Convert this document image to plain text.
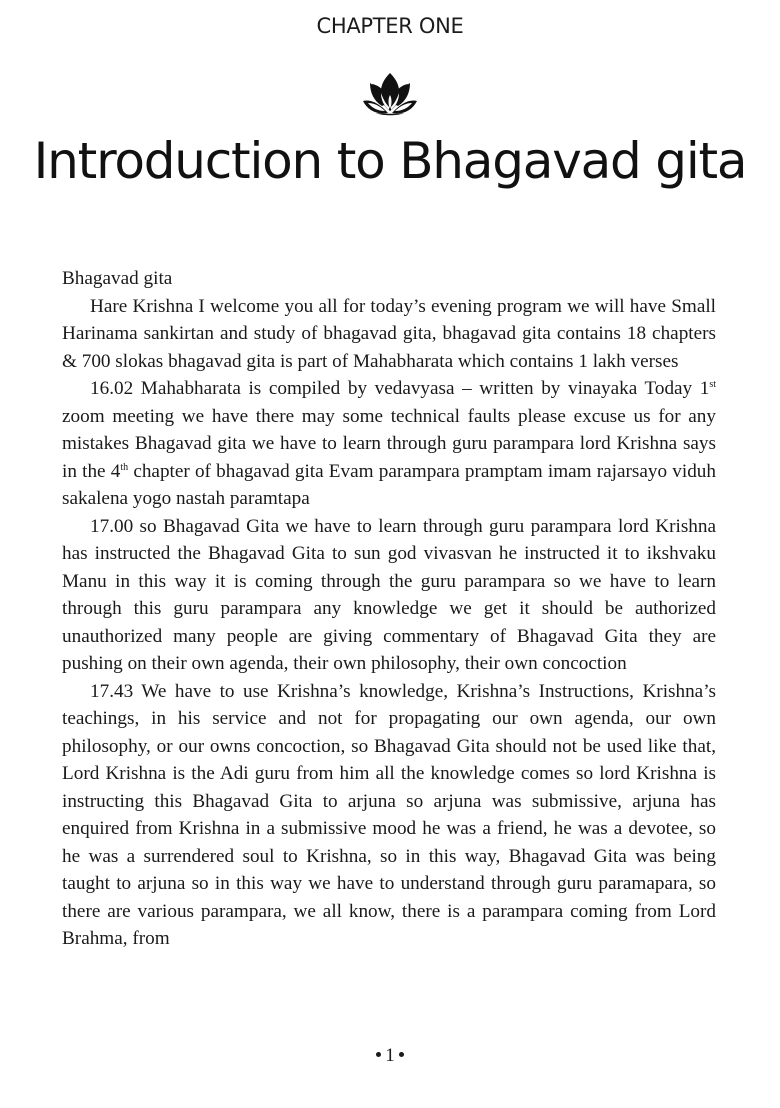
CHAPTER ONE
Introduction to Bhagavad gita

Bhagavad gita

Hare Krishna I welcome you all for today’s evening program we will have Small Harinama sankirtan and study of bhagavad gita, bhagavad gita contains 18 chapters & 700 slokas bhagavad gita is part of Mahabharata which contains 1 lakh verses

16.02 Mahabharata is compiled by vedavyasa – written by vinayaka Today 1st zoom meeting we have there may some technical faults please excuse us for any mistakes Bhagavad gita we have to learn through guru parampara lord Krishna says in the 4th chapter of bhagavad gita Evam parampara pramptam imam rajarsayo viduh sakalena yogo nastah paramtapa

17.00 so Bhagavad Gita we have to learn through guru parampara lord Krishna has instructed the Bhagavad Gita to sun god vivasvan he instructed it to ikshvaku Manu in this way it is coming through the guru parampara so we have to learn through this guru parampara any knowledge we get it should be authorized unauthorized many people are giving commentary of Bhagavad Gita they are pushing on their own agenda, their own philosophy, their own concoction

17.43 We have to use Krishna’s knowledge, Krishna’s Instructions, Krishna’s teachings, in his service and not for propagating our own agenda, our own philosophy, or our owns concoction, so Bhagavad Gita should not be used like that, Lord Krishna is the Adi guru from him all the knowledge comes so lord Krishna is instructing this Bhagavad Gita to arjuna so arjuna was submissive, arjuna has enquired from Krishna in a submissive mood he was a friend, he was a devotee, so he was a surrendered soul to Krishna, so in this way, Bhagavad Gita was being taught to arjuna so in this way we have to understand through guru paramapara, so there are various parampara, we all know, there is a parampara coming from Lord Brahma, from

1
